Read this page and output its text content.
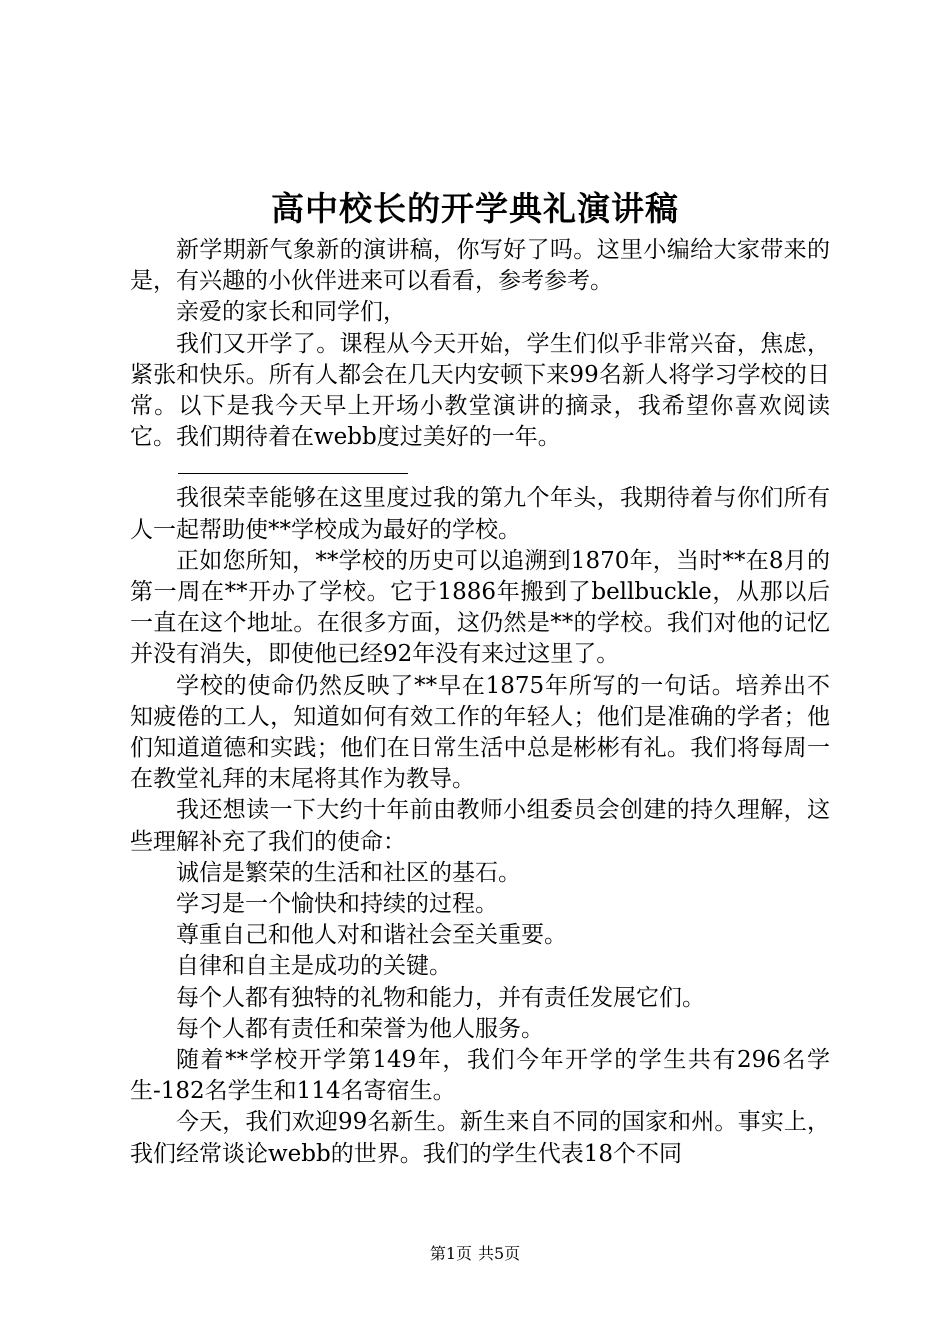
高中校长的开学典礼演讲稿

新学期新气象新的演讲稿，你写好了吗。这里小编给大家带来的是，有兴趣的小伙伴进来可以看看，参考参考。

亲爱的家长和同学们，

我们又开学了。课程从今天开始，学生们似乎非常兴奋，焦虑，紧张和快乐。所有人都会在几天内安顿下来99名新人将学习学校的日常。以下是我今天早上开场小教堂演讲的摘录，我希望你喜欢阅读它。我们期待着在webb度过美好的一年。

我很荣幸能够在这里度过我的第九个年头，我期待着与你们所有人一起帮助使**学校成为最好的学校。

正如您所知，**学校的历史可以追溯到1870年，当时**在8月的第一周在**开办了学校。它于1886年搬到了bellbuckle，从那以后一直在这个地址。在很多方面，这仍然是**的学校。我们对他的记忆并没有消失，即使他已经92年没有来过这里了。

学校的使命仍然反映了**早在1875年所写的一句话。培养出不知疲倦的工人，知道如何有效工作的年轻人；他们是准确的学者；他们知道道德和实践；他们在日常生活中总是彬彬有礼。我们将每周一在教堂礼拜的末尾将其作为教导。

我还想读一下大约十年前由教师小组委员会创建的持久理解，这些理解补充了我们的使命：

诚信是繁荣的生活和社区的基石。

学习是一个愉快和持续的过程。

尊重自己和他人对和谐社会至关重要。

自律和自主是成功的关键。

每个人都有独特的礼物和能力，并有责任发展它们。

每个人都有责任和荣誉为他人服务。

随着**学校开学第149年，我们今年开学的学生共有296名学生-182名学生和114名寄宿生。

今天，我们欢迎99名新生。新生来自不同的国家和州。事实上，我们经常谈论webb的世界。我们的学生代表18个不同

第1页 共5页
